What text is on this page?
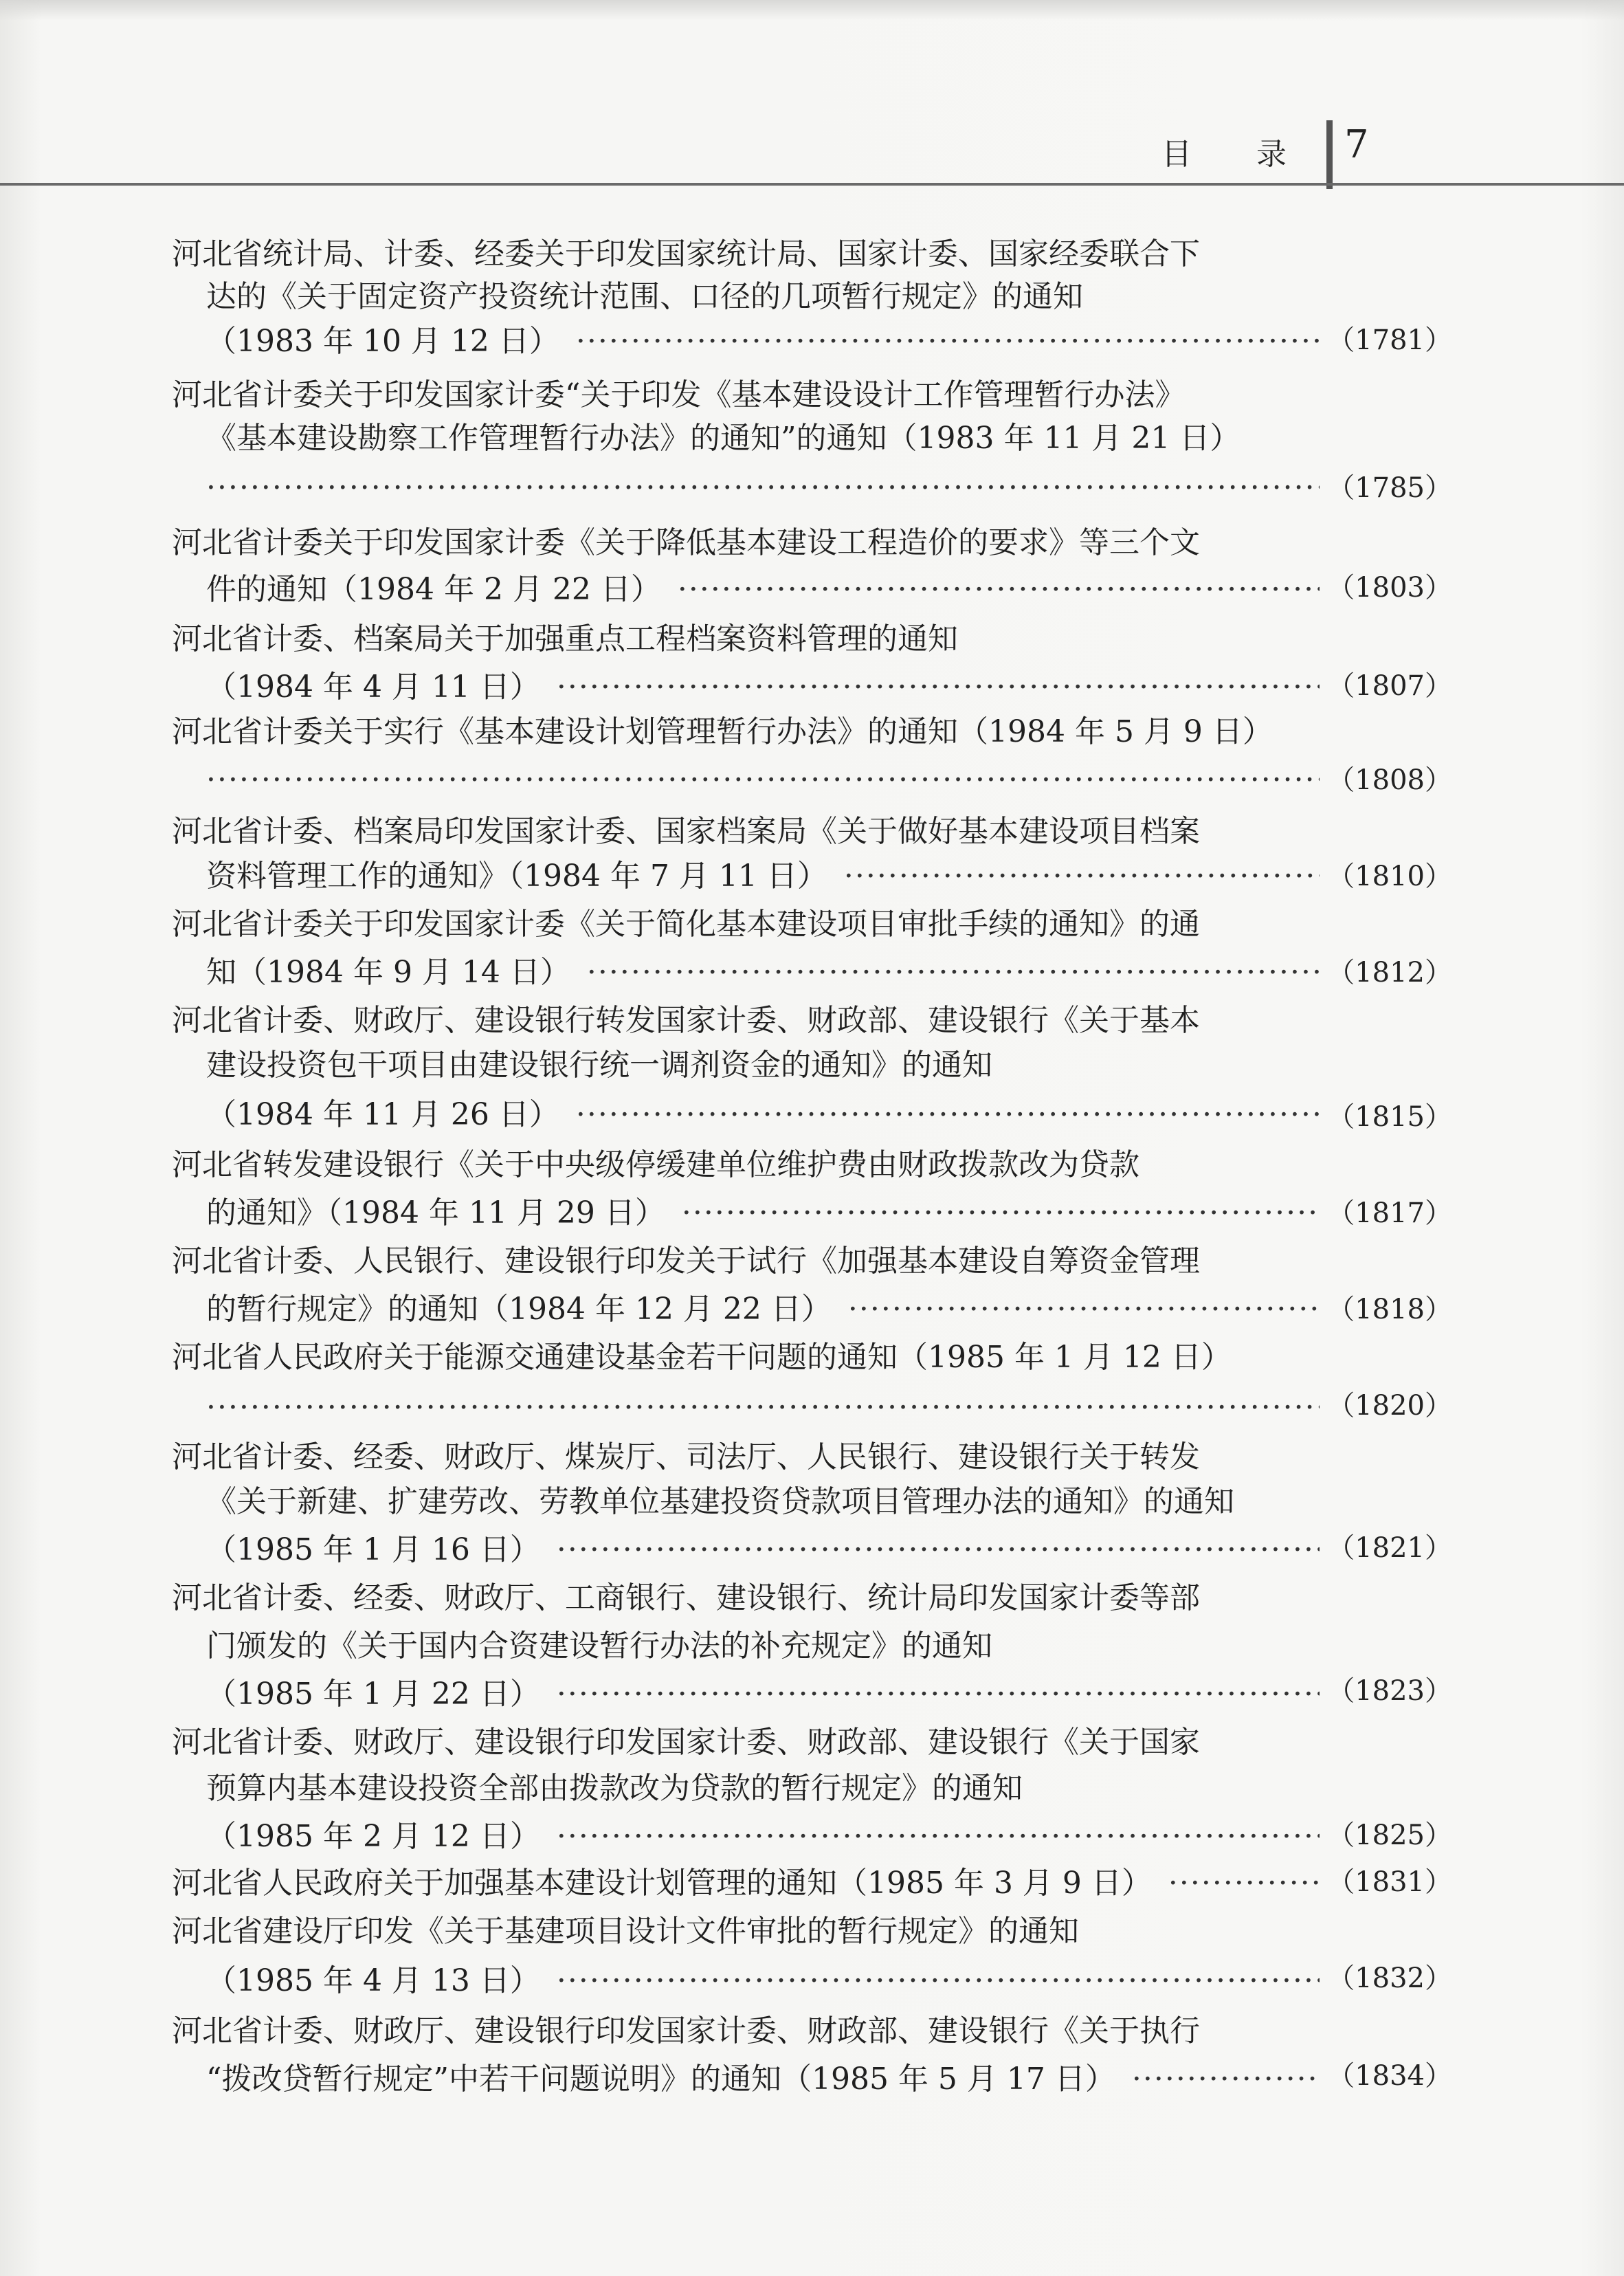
目 录 7
河北省统计局、计委、经委关于印发国家统计局、国家计委、国家经委联合下
达的《关于固定资产投资统计范围、口径的几项暂行规定》的通知
（1983 年 10 月 12 日） ·····	（1781）
河北省计委关于印发国家计委“关于印发《基本建设设计工作管理暂行办法》
《基本建设勘察工作管理暂行办法》的通知”的通知（1983 年 11 月 21 日）
·····
（1785）
河北省计委关于印发国家计委《关于降低基本建设工程造价的要求》等三个文
件的通知（1984 年 2 月 22 日） ·····	（1803）
河北省计委、档案局关于加强重点工程档案资料管理的通知
（1984 年 4 月 11 日） ·····	（1807）
河北省计委关于实行《基本建设计划管理暂行办法》的通知（1984 年 5 月 9 日）
·····
（1808）
河北省计委、档案局印发国家计委、国家档案局《关于做好基本建设项目档案
资料管理工作的通知》（1984 年 7 月 11 日） ·····	（1810）
河北省计委关于印发国家计委《关于简化基本建设项目审批手续的通知》的通
知（1984 年 9 月 14 日） ·····	（1812）
河北省计委、财政厅、建设银行转发国家计委、财政部、建设银行《关于基本
建设投资包干项目由建设银行统一调剂资金的通知》的通知
（1984 年 11 月 26 日） ·····	（1815）
河北省转发建设银行《关于中央级停缓建单位维护费由财政拨款改为贷款
的通知》（1984 年 11 月 29 日） ·····	（1817）
河北省计委、人民银行、建设银行印发关于试行《加强基本建设自筹资金管理
的暂行规定》的通知（1984 年 12 月 22 日） ·····	（1818）
河北省人民政府关于能源交通建设基金若干问题的通知（1985 年 1 月 12 日）
·····
（1820）
河北省计委、经委、财政厅、煤炭厅、司法厅、人民银行、建设银行关于转发
《关于新建、扩建劳改、劳教单位基建投资贷款项目管理办法的通知》的通知
（1985 年 1 月 16 日） ·····	（1821）
河北省计委、经委、财政厅、工商银行、建设银行、统计局印发国家计委等部
门颁发的《关于国内合资建设暂行办法的补充规定》的通知
（1985 年 1 月 22 日） ·····	（1823）
河北省计委、财政厅、建设银行印发国家计委、财政部、建设银行《关于国家
预算内基本建设投资全部由拨款改为贷款的暂行规定》的通知
（1985 年 2 月 12 日） ·····	（1825）
河北省人民政府关于加强基本建设计划管理的通知（1985 年 3 月 9 日） ·····	（1831）
河北省建设厅印发《关于基建项目设计文件审批的暂行规定》的通知
（1985 年 4 月 13 日） ·····	（1832）
河北省计委、财政厅、建设银行印发国家计委、财政部、建设银行《关于执行
“拨改贷暂行规定”中若干问题说明》的通知（1985 年 5 月 17 日） ·····	（1834）
